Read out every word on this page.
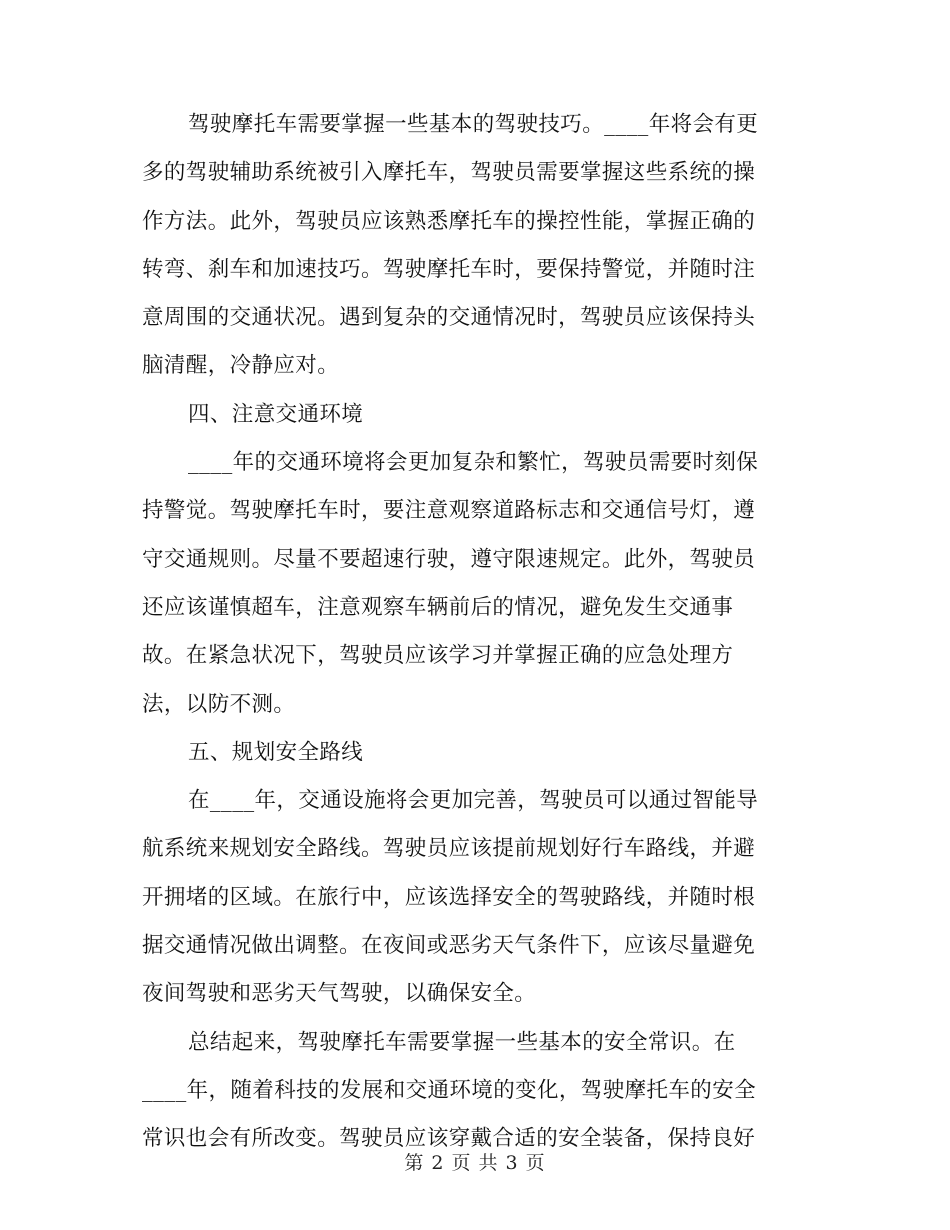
驾驶摩托车需要掌握一些基本的驾驶技巧。____年将会有更
多的驾驶辅助系统被引入摩托车，驾驶员需要掌握这些系统的操
作方法。此外，驾驶员应该熟悉摩托车的操控性能，掌握正确的
转弯、刹车和加速技巧。驾驶摩托车时，要保持警觉，并随时注
意周围的交通状况。遇到复杂的交通情况时，驾驶员应该保持头
脑清醒，冷静应对。
四、注意交通环境
____年的交通环境将会更加复杂和繁忙，驾驶员需要时刻保
持警觉。驾驶摩托车时，要注意观察道路标志和交通信号灯，遵
守交通规则。尽量不要超速行驶，遵守限速规定。此外，驾驶员
还应该谨慎超车，注意观察车辆前后的情况，避免发生交通事
故。在紧急状况下，驾驶员应该学习并掌握正确的应急处理方
法，以防不测。
五、规划安全路线
在____年，交通设施将会更加完善，驾驶员可以通过智能导
航系统来规划安全路线。驾驶员应该提前规划好行车路线，并避
开拥堵的区域。在旅行中，应该选择安全的驾驶路线，并随时根
据交通情况做出调整。在夜间或恶劣天气条件下，应该尽量避免
夜间驾驶和恶劣天气驾驶，以确保安全。
总结起来，驾驶摩托车需要掌握一些基本的安全常识。在
____年，随着科技的发展和交通环境的变化，驾驶摩托车的安全
常识也会有所改变。驾驶员应该穿戴合适的安全装备，保持良好
第 2 页 共 3 页
